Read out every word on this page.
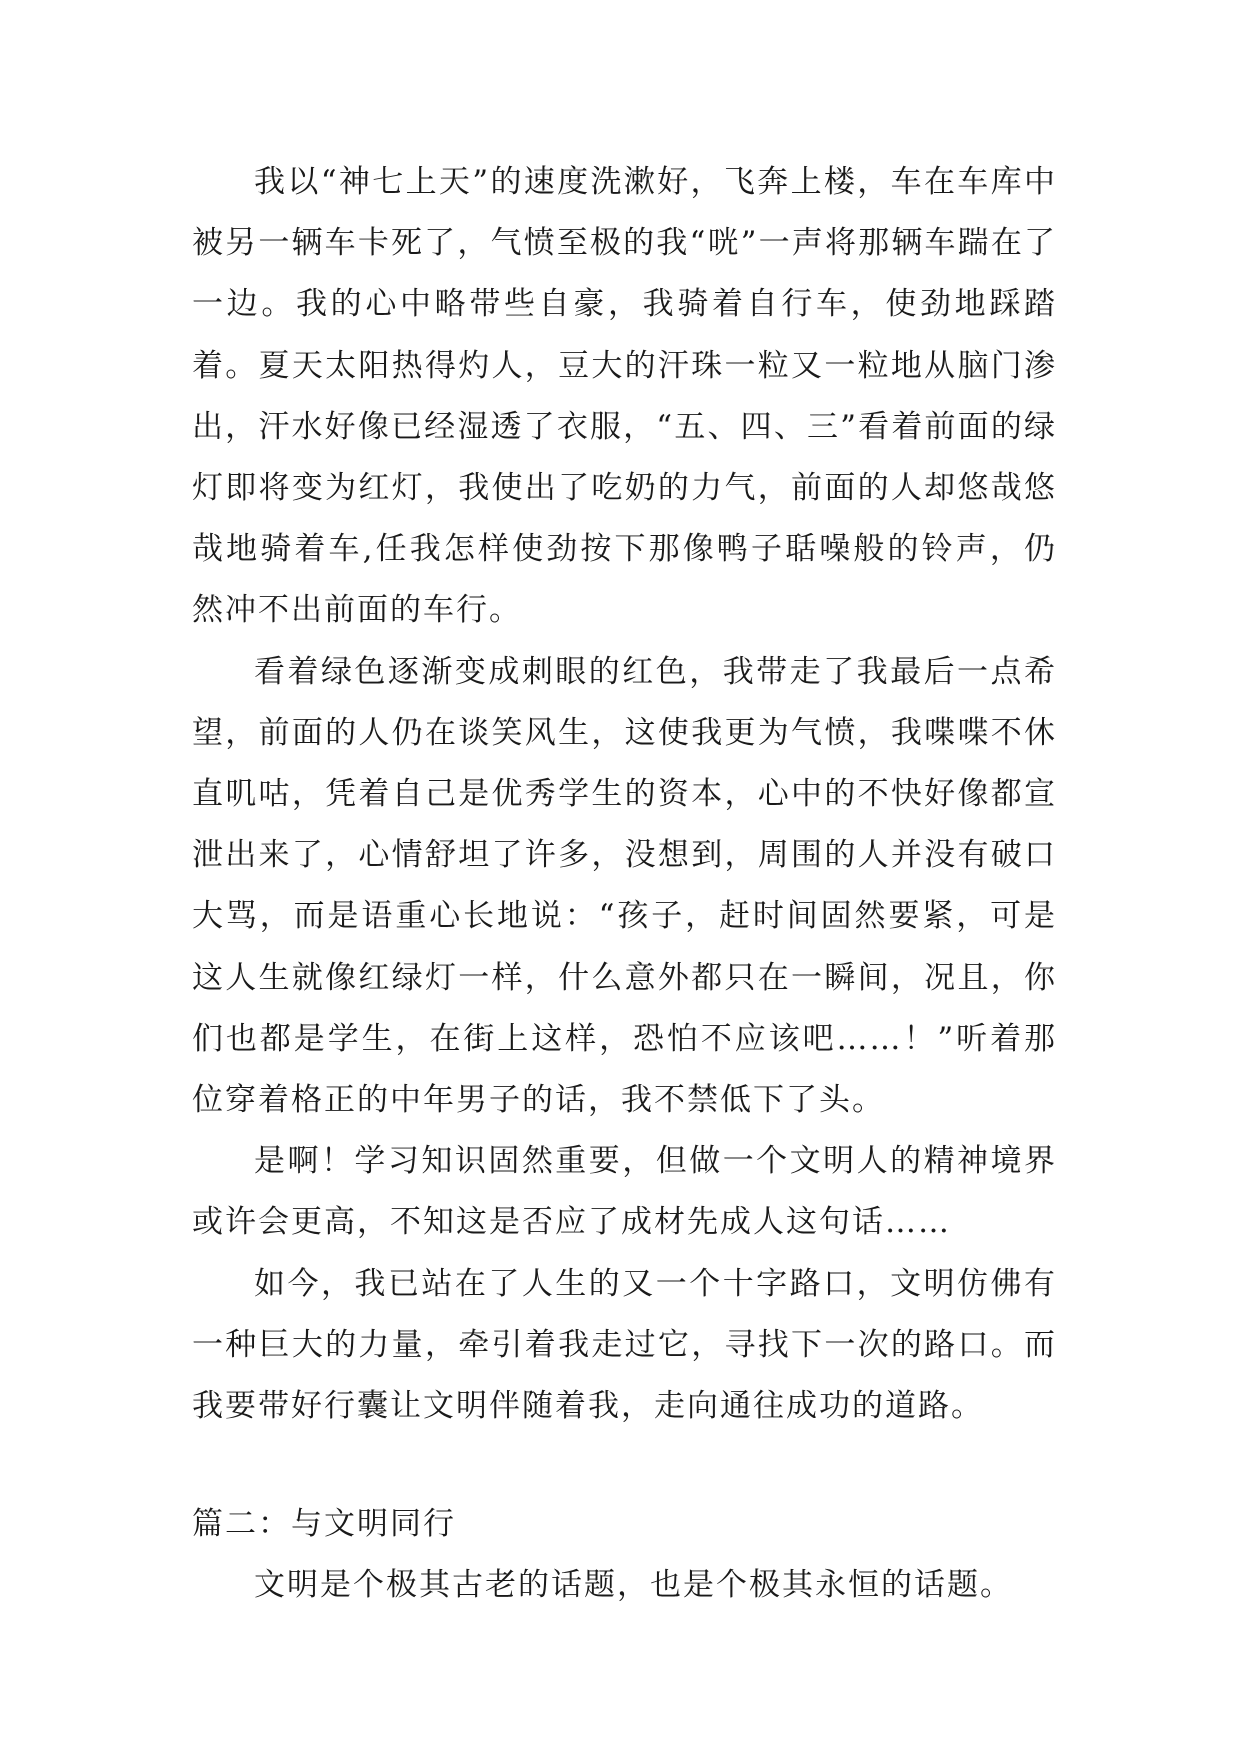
我以“神七上天”的速度洗漱好，飞奔上楼，车在车库中被另一辆车卡死了，气愤至极的我“咣”一声将那辆车踹在了一边。我的心中略带些自豪，我骑着自行车，使劲地踩踏着。夏天太阳热得灼人，豆大的汗珠一粒又一粒地从脑门渗出，汗水好像已经湿透了衣服，“五、四、三”看着前面的绿灯即将变为红灯，我使出了吃奶的力气，前面的人却悠哉悠哉地骑着车,任我怎样使劲按下那像鸭子聒噪般的铃声，仍然冲不出前面的车行。

看着绿色逐渐变成刺眼的红色，我带走了我最后一点希望，前面的人仍在谈笑风生，这使我更为气愤，我喋喋不休直叽咕，凭着自己是优秀学生的资本，心中的不快好像都宣泄出来了，心情舒坦了许多，没想到，周围的人并没有破口大骂，而是语重心长地说：“孩子，赶时间固然要紧，可是这人生就像红绿灯一样，什么意外都只在一瞬间，况且，你们也都是学生，在街上这样，恐怕不应该吧……！”听着那位穿着格正的中年男子的话，我不禁低下了头。

是啊！学习知识固然重要，但做一个文明人的精神境界或许会更高，不知这是否应了成材先成人这句话……

如今，我已站在了人生的又一个十字路口，文明仿佛有一种巨大的力量，牵引着我走过它，寻找下一次的路口。而我要带好行囊让文明伴随着我，走向通往成功的道路。

篇二：与文明同行

文明是个极其古老的话题，也是个极其永恒的话题。
